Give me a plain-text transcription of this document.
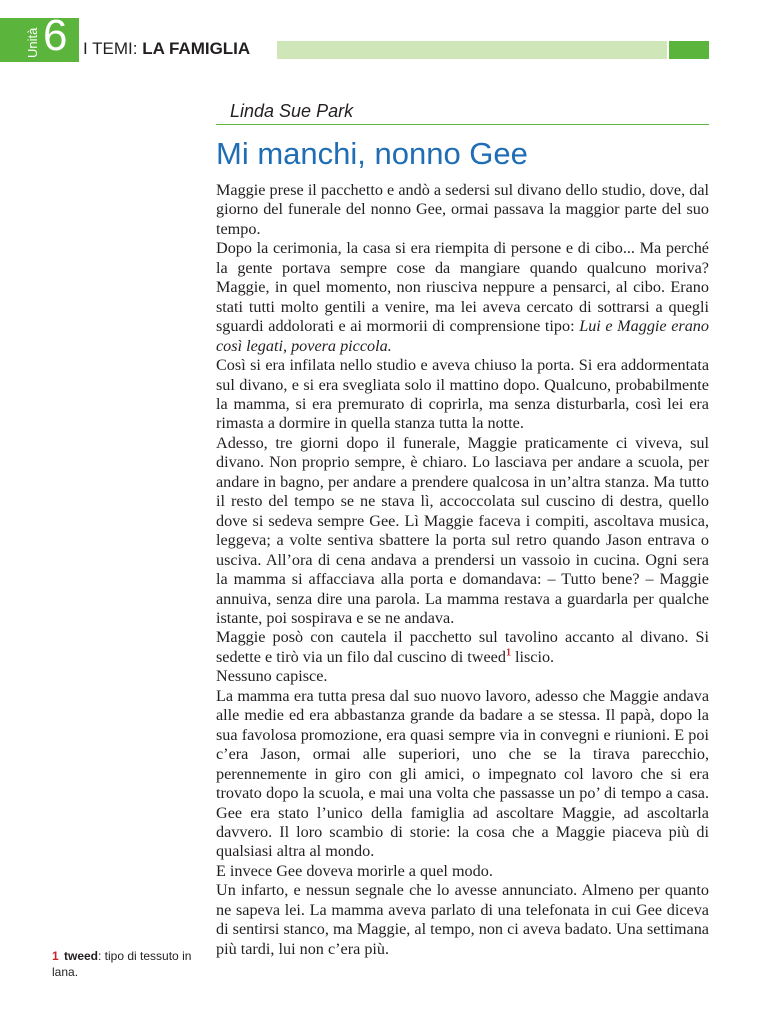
Unità 6 I TEMI: LA FAMIGLIA
Linda Sue Park
Mi manchi, nonno Gee

Maggie prese il pacchetto e andò a sedersi sul divano dello studio, dove, dal giorno del funerale del nonno Gee, ormai passava la maggior parte del suo tempo.

Dopo la cerimonia, la casa si era riempita di persone e di cibo... Ma perché la gente portava sempre cose da mangiare quando qualcuno moriva? Maggie, in quel momento, non riusciva neppure a pensarci, al cibo. Erano stati tutti molto gentili a venire, ma lei aveva cercato di sottrarsi a quegli sguardi addolorati e ai mormorii di comprensione tipo: Lui e Maggie erano così legati, povera piccola.

Così si era infilata nello studio e aveva chiuso la porta. Si era addormentata sul divano, e si era svegliata solo il mattino dopo. Qualcuno, probabilmente la mamma, si era premurato di coprirla, ma senza disturbarla, così lei era rimasta a dormire in quella stanza tutta la notte.

Adesso, tre giorni dopo il funerale, Maggie praticamente ci viveva, sul divano. Non proprio sempre, è chiaro. Lo lasciava per andare a scuola, per andare in bagno, per andare a prendere qualcosa in un’altra stanza. Ma tutto il resto del tempo se ne stava lì, accoccolata sul cuscino di destra, quello dove si sedeva sempre Gee. Lì Maggie faceva i compiti, ascoltava musica, leggeva; a volte sentiva sbattere la porta sul retro quando Jason entrava o usciva. All’ora di cena andava a prendersi un vassoio in cucina. Ogni sera la mamma si affacciava alla porta e domandava: – Tutto bene? – Maggie annuiva, senza dire una parola. La mamma restava a guardarla per qualche istante, poi sospirava e se ne andava.

Maggie posò con cautela il pacchetto sul tavolino accanto al divano. Si sedette e tirò via un filo dal cuscino di tweed$^1$ liscio.

Nessuno capisce.

La mamma era tutta presa dal suo nuovo lavoro, adesso che Maggie andava alle medie ed era abbastanza grande da badare a se stessa. Il papà, dopo la sua favolosa promozione, era quasi sempre via in convegni e riunioni. E poi c’era Jason, ormai alle superiori, uno che se la tirava parecchio, perennemente in giro con gli amici, o impegnato col lavoro che si era trovato dopo la scuola, e mai una volta che passasse un po’ di tempo a casa. Gee era stato l’unico della famiglia ad ascoltare Maggie, ad ascoltarla davvero. Il loro scambio di storie: la cosa che a Maggie piaceva più di qualsiasi altra al mondo.

E invece Gee doveva morirle a quel modo.

Un infarto, e nessun segnale che lo avesse annunciato. Almeno per quanto ne sapeva lei. La mamma aveva parlato di una telefonata in cui Gee diceva di sentirsi stanco, ma Maggie, al tempo, non ci aveva badato. Una settimana più tardi, lui non c’era più.

1 tweed: tipo di tessuto in lana.
